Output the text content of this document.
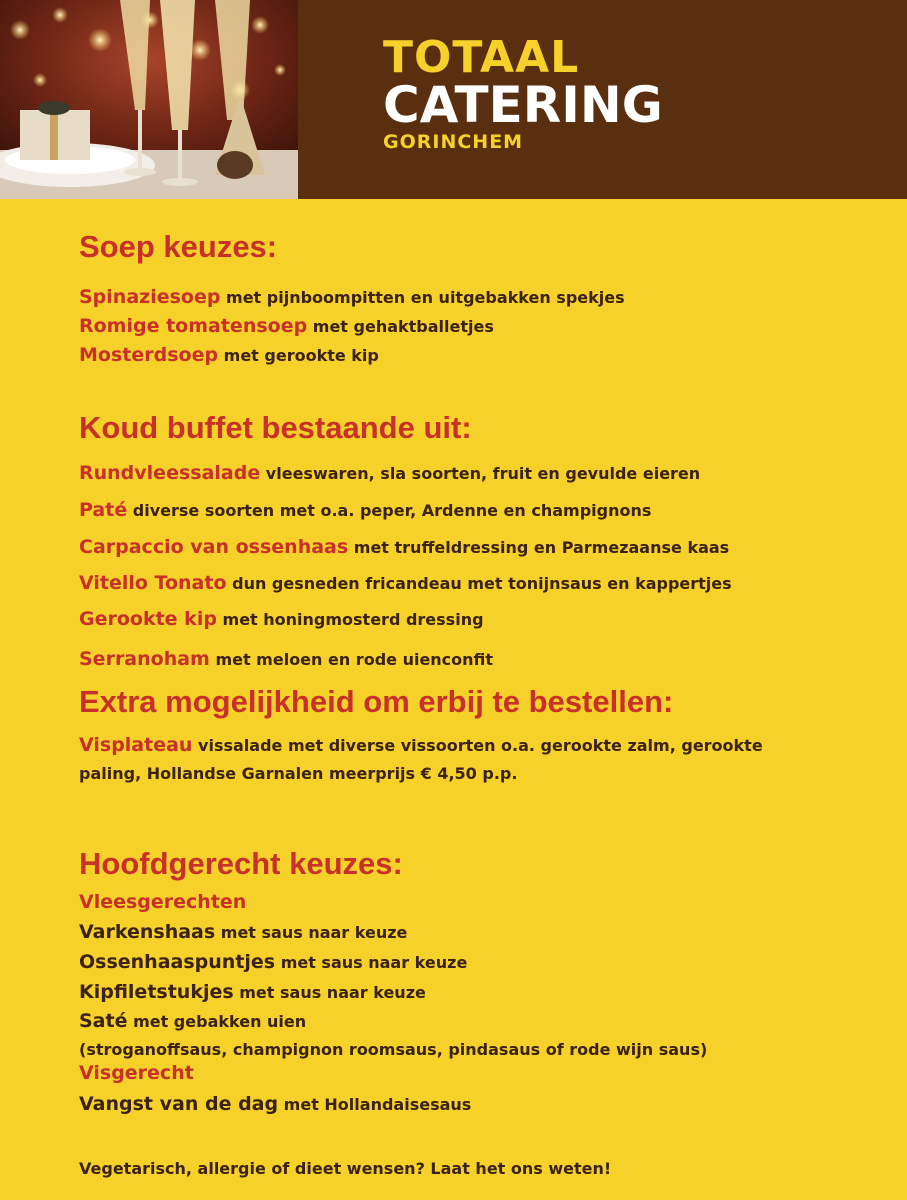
TOTAAL
CATERING
GORINCHEM
Soep keuzes:
Spinaziesoep met pijnboompitten en uitgebakken spekjes
Romige tomatensoep met gehaktballetjes
Mosterdsoep met gerookte kip
Koud buffet bestaande uit:
Rundvleessalade vleeswaren, sla soorten, fruit en gevulde eieren
Paté diverse soorten met o.a. peper, Ardenne en champignons
Carpaccio van ossenhaas met truffeldressing en Parmezaanse kaas
Vitello Tonato dun gesneden fricandeau met tonijnsaus en kappertjes
Gerookte kip met honingmosterd dressing
Serranoham met meloen en rode uienconfit
Extra mogelijkheid om erbij te bestellen:
Visplateau vissalade met diverse vissoorten o.a. gerookte zalm, gerookte
paling, Hollandse Garnalen meerprijs € 4,50 p.p.
Hoofdgerecht keuzes:
Vleesgerechten
Varkenshaas met saus naar keuze
Ossenhaaspuntjes met saus naar keuze
Kipfiletstukjes met saus naar keuze
Saté met gebakken uien
(stroganoffsaus, champignon roomsaus, pindasaus of rode wijn saus)
Visgerecht
Vangst van de dag met Hollandaisesaus
Vegetarisch, allergie of dieet wensen? Laat het ons weten!
